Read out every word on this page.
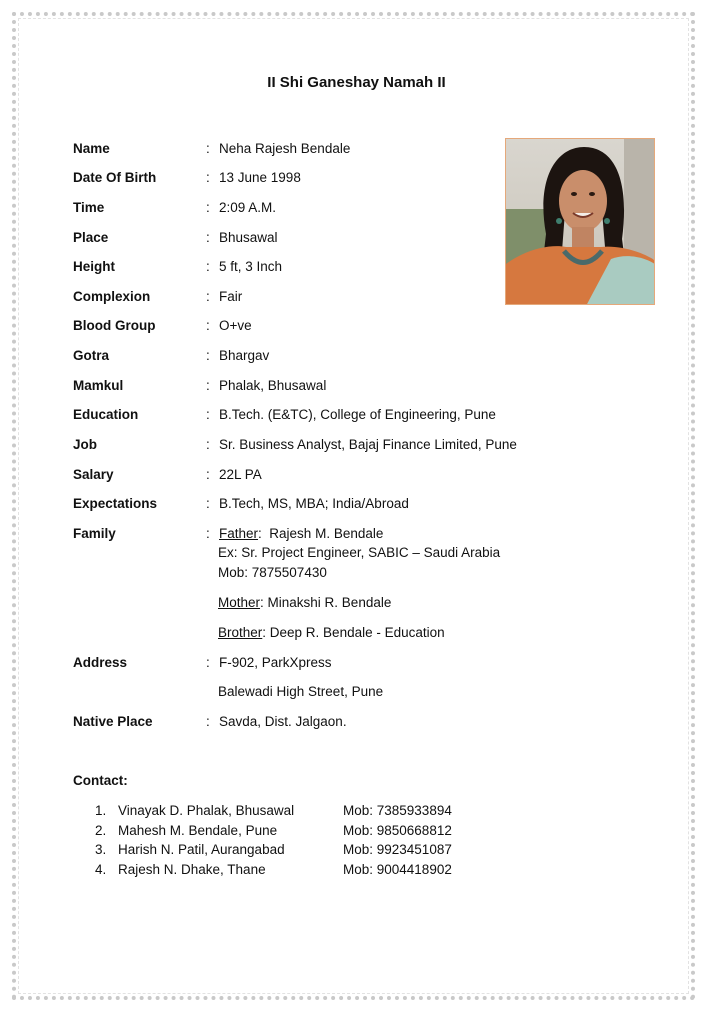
II Shi Ganeshay Namah II
Name	: Neha Rajesh Bendale
Date Of Birth	: 13 June 1998
Time	: 2:09 A.M.
Place	: Bhusawal
Height	: 5 ft, 3 Inch
Complexion	: Fair
Blood Group	: O+ve
Gotra	: Bhargav
Mamkul	: Phalak, Bhusawal
Education	: B.Tech. (E&TC), College of Engineering, Pune
Job	: Sr. Business Analyst, Bajaj Finance Limited, Pune
Salary	: 22L PA
Expectations	: B.Tech, MS, MBA; India/Abroad
Family	: Father:  Rajesh M. Bendale
Ex: Sr. Project Engineer, SABIC – Saudi Arabia
Mob: 7875507430
Mother: Minakshi R. Bendale
Brother: Deep R. Bendale - Education
Address	: F-902, ParkXpress
Balewadi High Street, Pune
Native Place	: Savda, Dist. Jalgaon.
Contact:
1. Vinayak D. Phalak, Bhusawal	Mob: 7385933894
2. Mahesh M. Bendale, Pune	Mob: 9850668812
3. Harish N. Patil, Aurangabad	Mob: 9923451087
4. Rajesh N. Dhake, Thane	Mob: 9004418902
